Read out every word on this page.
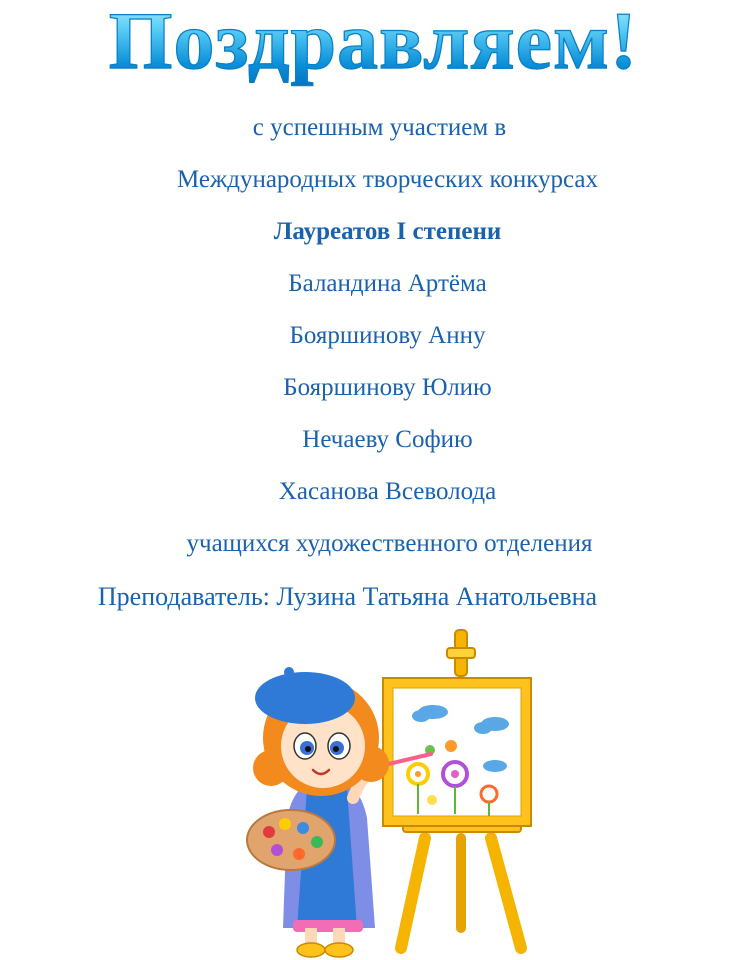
Поздравляем!
с успешным участием в
Международных творческих конкурсах
Лауреатов I степени
Баландина Артёма
Бояршинову Анну
Бояршинову Юлию
Нечаеву Софию
Хасанова Всеволода
учащихся художественного отделения
Преподаватель: Лузина Татьяна Анатольевна
